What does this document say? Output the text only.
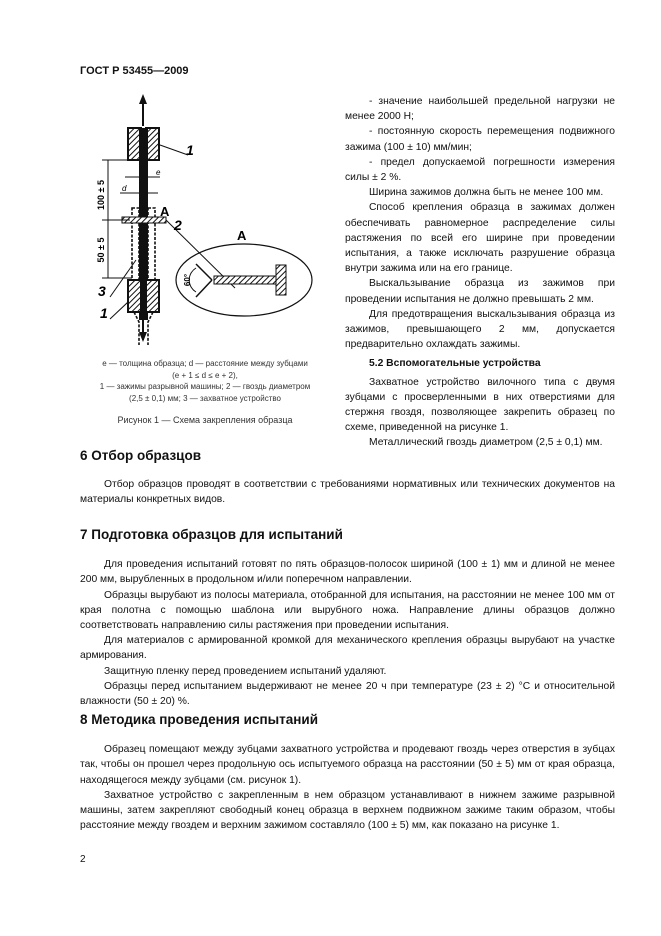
ГОСТ Р 53455—2009
100 ± 5
50 ± 5
e
d
A
A
1
2
3
1
60°
e — толщина образца; d — расстояние между зубцами
(e + 1 ≤ d ≤ e + 2),
1 — зажимы разрывной машины; 2 — гвоздь диаметром
(2,5 ± 0,1) мм; 3 — захватное устройство
Рисунок 1 — Схема закрепления образца

- значение наибольшей предельной нагрузки не менее 2000 Н;

- постоянную скорость перемещения подвижного зажима (100 ± 10) мм/мин;

- предел допускаемой погрешности измерения силы ± 2 %.

Ширина зажимов должна быть не менее 100 мм.

Способ крепления образца в зажимах должен обеспечивать равномерное распределение силы растяжения по всей его ширине при проведении испытания, а также исключать разрушение образца внутри зажима или на его границе.

Выскальзывание образца из зажимов при проведении испытания не должно превышать 2 мм.

Для предотвращения выскальзывания образца из зажимов, превышающего 2 мм, допускается предварительно охлаждать зажимы.

5.2 Вспомогательные устройства

Захватное устройство вилочного типа с двумя зубцами с просверленными в них отверстиями для стержня гвоздя, позволяющее закрепить образец по схеме, приведенной на рисунке 1.

Металлический гвоздь диаметром (2,5 ± 0,1) мм.

6 Отбор образцов

Отбор образцов проводят в соответствии с требованиями нормативных или технических документов на материалы конкретных видов.

7 Подготовка образцов для испытаний

Для проведения испытаний готовят по пять образцов-полосок шириной (100 ± 1) мм и длиной не менее 200 мм, вырубленных в продольном и/или поперечном направлении.

Образцы вырубают из полосы материала, отобранной для испытания, на расстоянии не менее 100 мм от края полотна с помощью шаблона или вырубного ножа. Направление длины образцов должно соответствовать направлению силы растяжения при проведении испытания.

Для материалов с армированной кромкой для механического крепления образцы вырубают на участке армирования.

Защитную пленку перед проведением испытаний удаляют.

Образцы перед испытанием выдерживают не менее 20 ч при температуре (23 ± 2) °С и относительной влажности (50 ± 20) %.

8 Методика проведения испытаний

Образец помещают между зубцами захватного устройства и продевают гвоздь через отверстия в зубцах так, чтобы он прошел через продольную ось испытуемого образца на расстоянии (50 ± 5) мм от края образца, находящегося между зубцами (см. рисунок 1).

Захватное устройство с закрепленным в нем образцом устанавливают в нижнем зажиме разрывной машины, затем закрепляют свободный конец образца в верхнем подвижном зажиме таким образом, чтобы расстояние между гвоздем и верхним зажимом составляло (100 ± 5) мм, как показано на рисунке 1.

2
